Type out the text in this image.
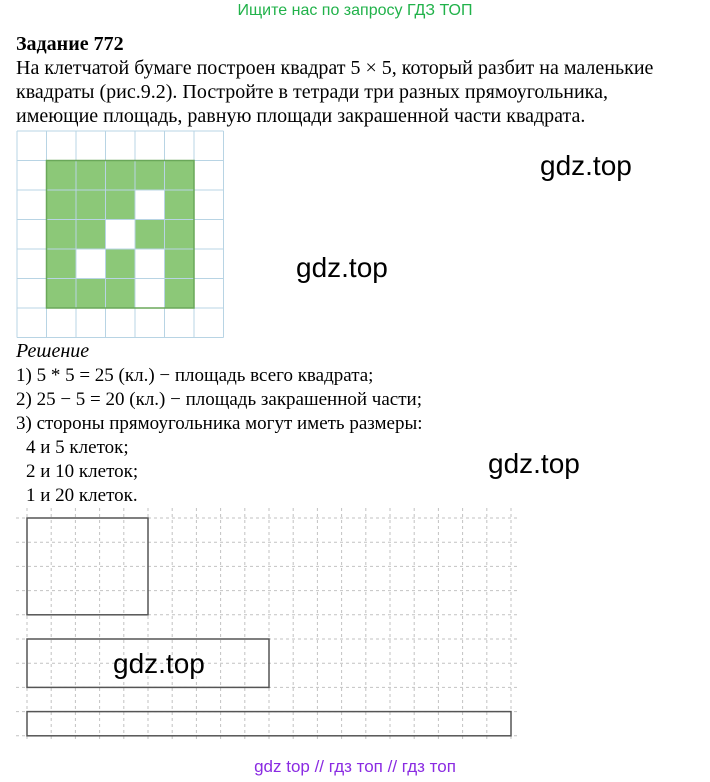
Ищите нас по запросу ГДЗ ТОП
Задание 772
На клетчатой бумаге построен квадрат 5 × 5, который разбит на маленькие
квадраты (рис.9.2). Постройте в тетради три разных прямоугольника,
имеющие площадь, равную площади закрашенной части квадрата.
gdz.top
gdz.top
Решение
1) 5 * 5 = 25 (кл.) − площадь всего квадрата;
2) 25 − 5 = 20 (кл.) − площадь закрашенной части;
3) стороны прямоугольника могут иметь размеры:
4 и 5 клеток;
2 и 10 клеток;
1 и 20 клеток.
gdz.top
gdz.top
gdz top // гдз топ // гдз топ
